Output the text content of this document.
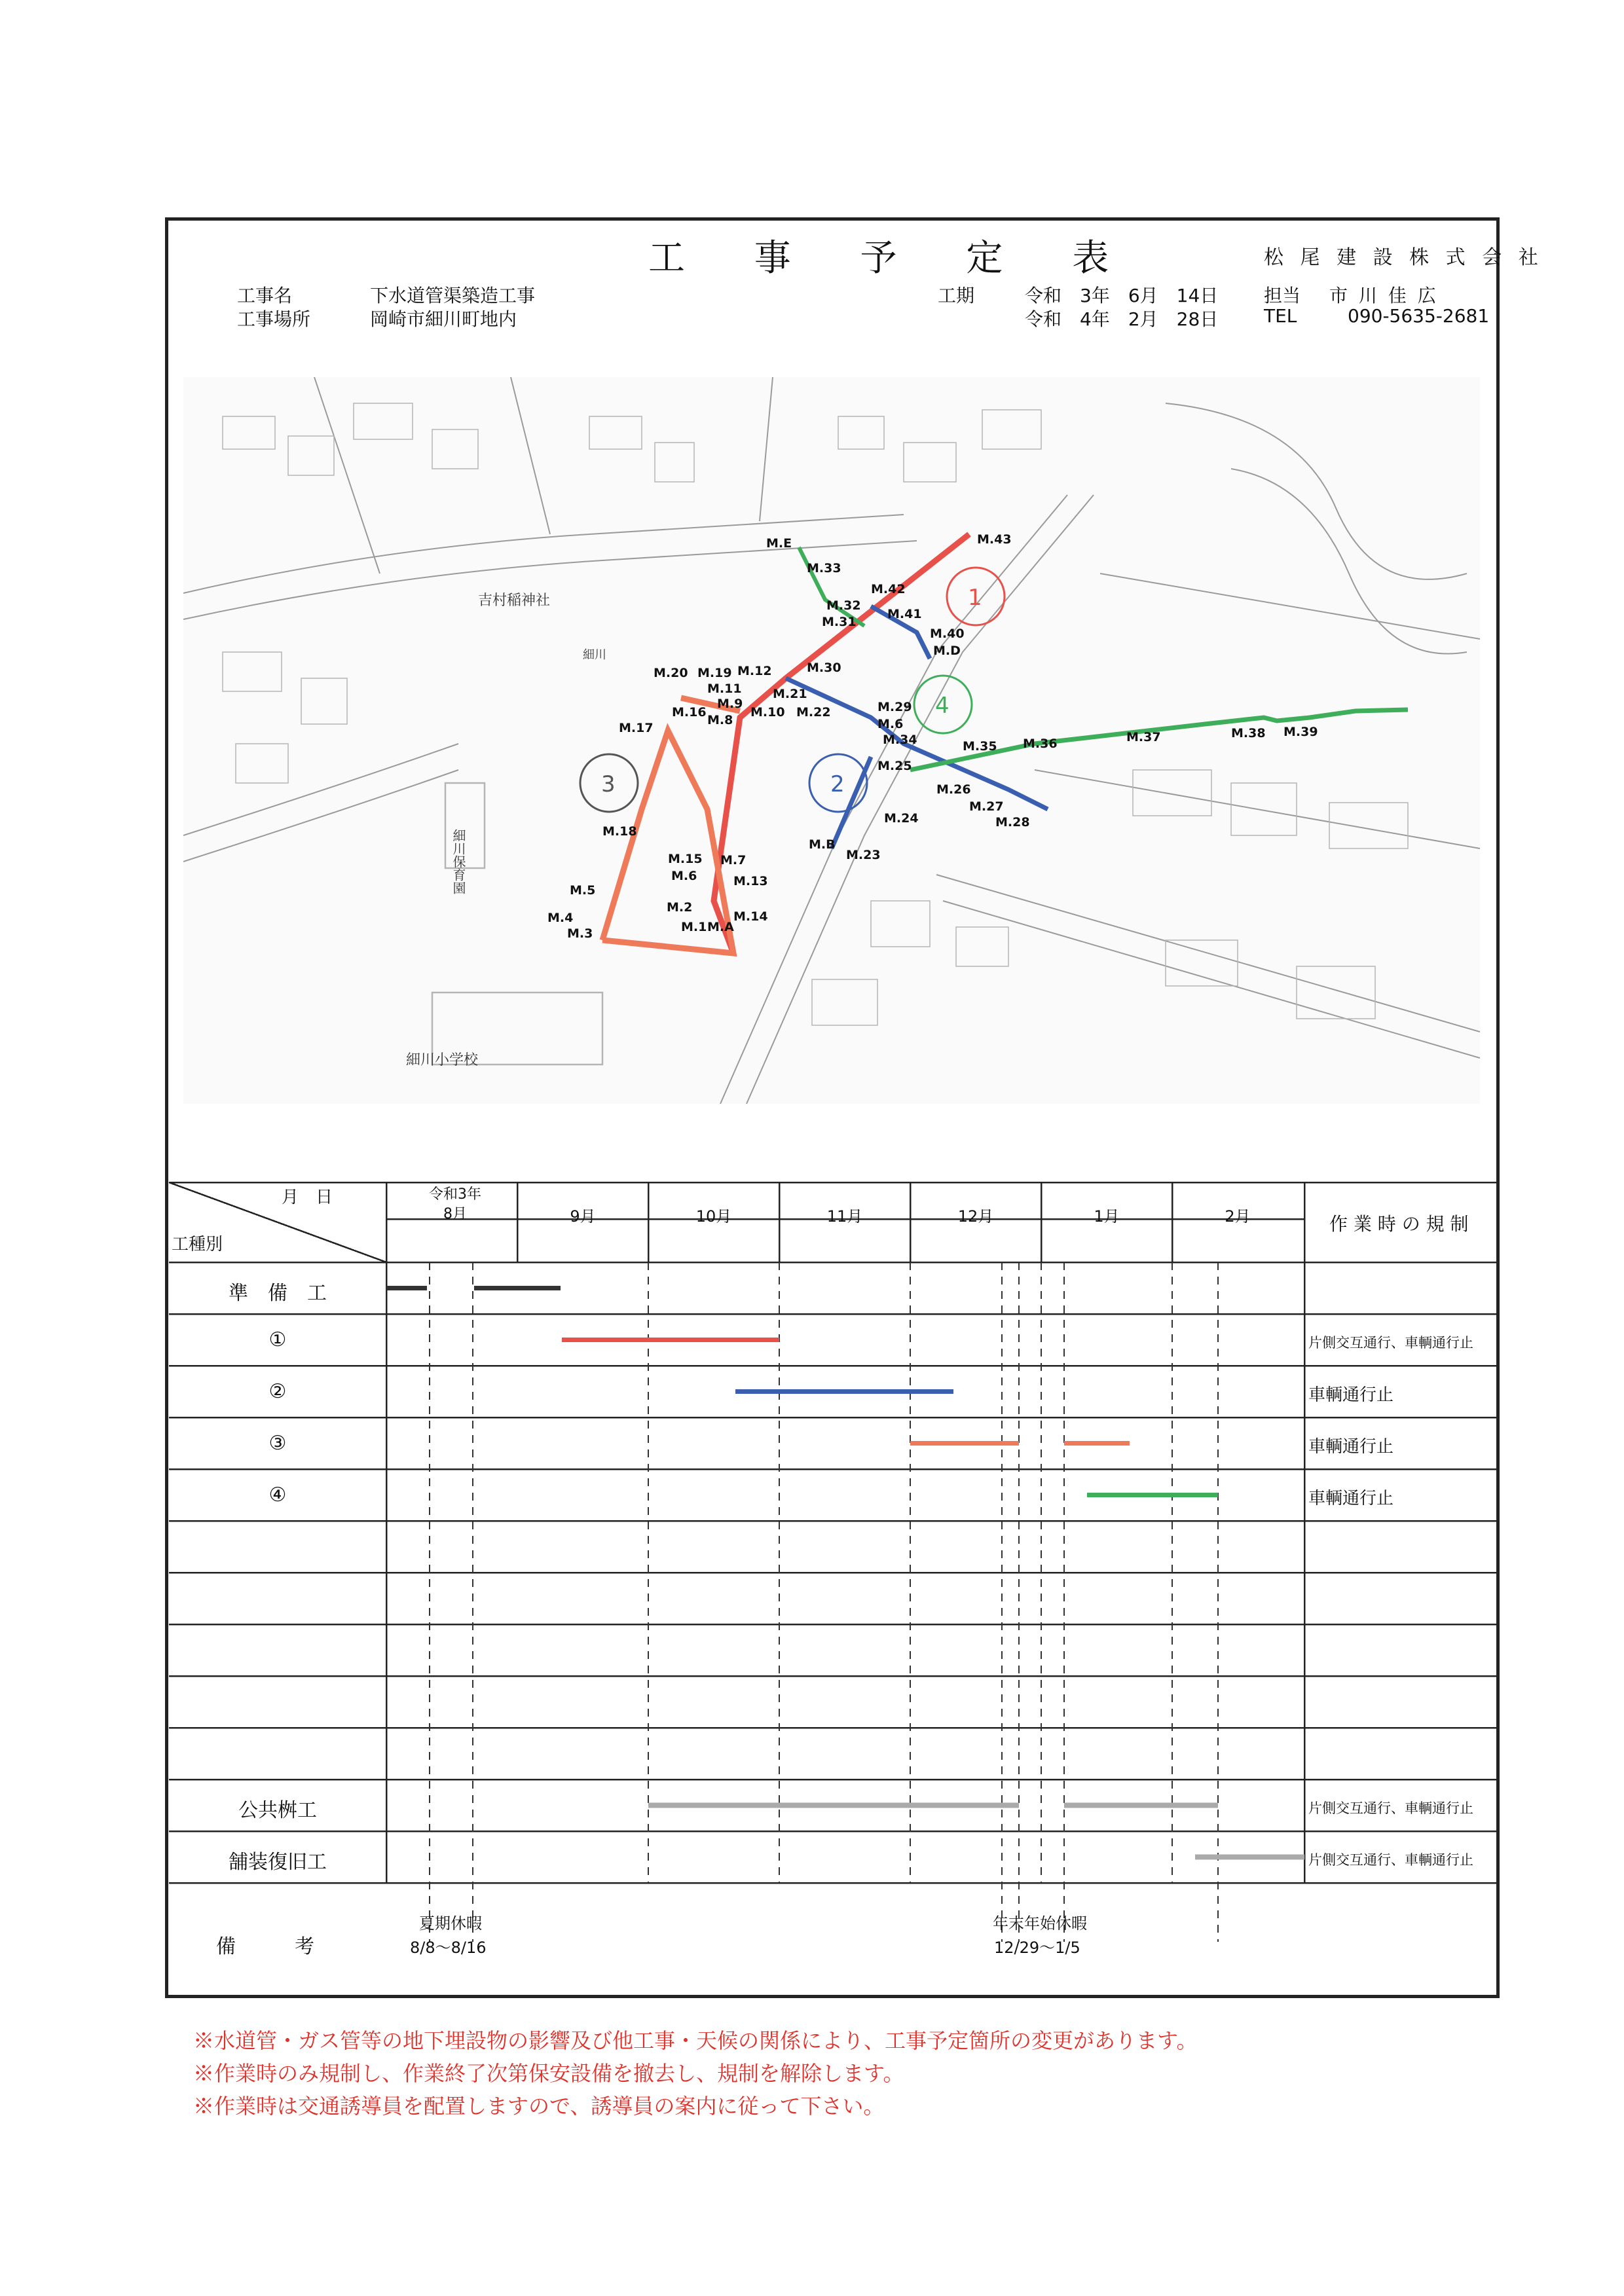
工 事 予 定 表	松 尾 建 設 株 式 会 社
工事名	下水道管渠築造工事
工事場所	岡崎市細川町地内
工期	令和　3年　6月　14日
令和　4年　2月　28日
担当 市 川 佳 広
TEL	090-5635-2681
吉村稲神社
細川保育園
細川小学校
細川
1
2
3
4
M.E
M.33
M.43
M.42
M.32
M.31
M.41
M.40
M.D
M.20 M.19 M.12	M.30
M.11 M.21
M.29
M.16
M.9
M.10 M.22
M.6
M.35 M.36	M.37	M.38 M.39
M.17
M.8
M.34
M.25
M.26
M.27
M.28
M.18
M.24
M.B
M.23
M.15 M.7
M.6	M.13
M.5
M.2
M.14
M.4
M.1 M.A
M.3
月　日
工種別
令和3年
8月	9月	10月	11月	12月	1月	2月	作 業 時 の 規 制
準　備　工
①	片側交互通行、車輌通行止
②	車輌通行止
③	車輌通行止
④	車輌通行止
公共桝工	片側交互通行、車輌通行止
舗装復旧工	片側交互通行、車輌通行止
備　　　考
夏期休暇
8/8～8/16
年末年始休暇
12/29～1/5
※水道管・ガス管等の地下埋設物の影響及び他工事・天候の関係により、工事予定箇所の変更があります。
※作業時のみ規制し、作業終了次第保安設備を撤去し、規制を解除します。
※作業時は交通誘導員を配置しますので、誘導員の案内に従って下さい。
